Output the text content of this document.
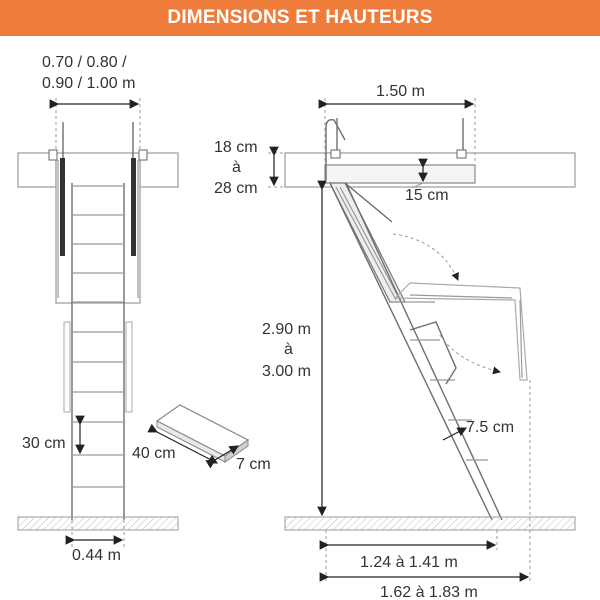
DIMENSIONS ET HAUTEURS
0.70 / 0.80 /
0.90 / 1.00 m
30 cm
0.44 m
40 cm
7 cm
1.50 m
18 cm
à
28 cm	15 cm
2.90 m
à
3.00 m
7.5 cm
1.24 à 1.41 m
1.62 à 1.83 m
